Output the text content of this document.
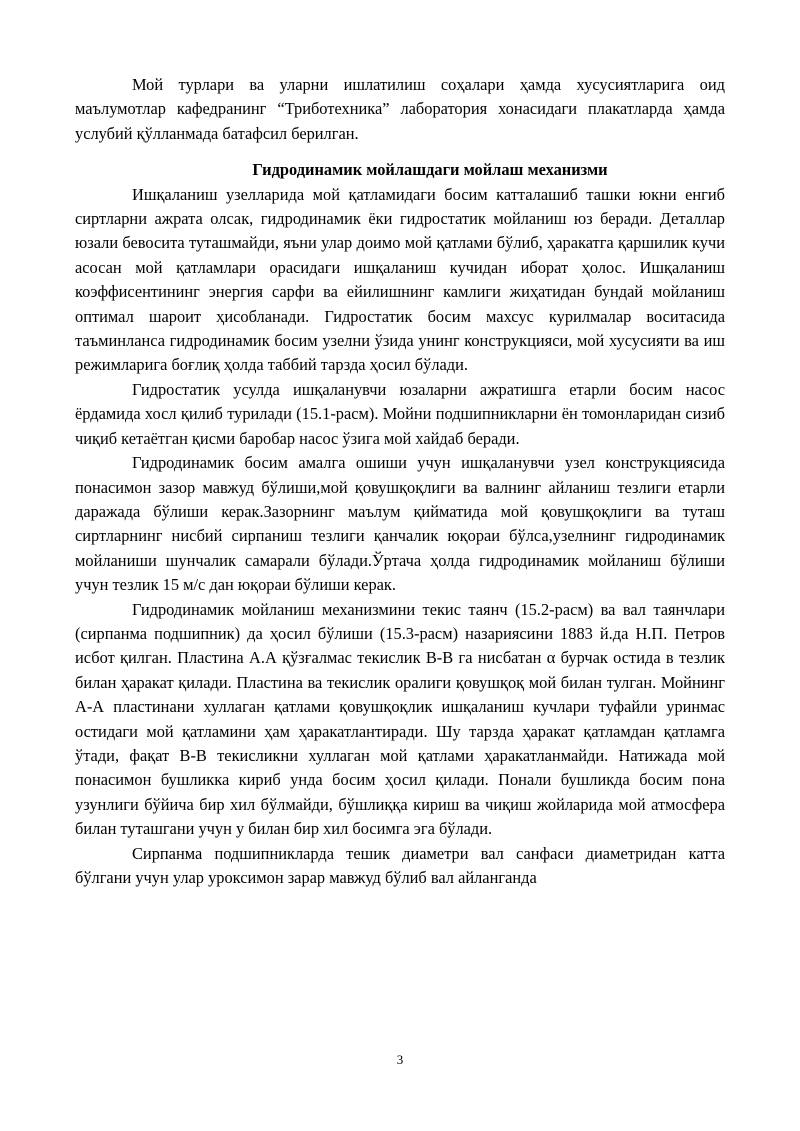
Мой турлари ва уларни ишлатилиш соҳалари ҳамда хусусиятларига оид маълумотлар кафедранинг “Триботехника” лаборатория хонасидаги плакатларда ҳамда услубий қўлланмада батафсил берилган.

Гидродинамик мойлашдаги мойлаш механизми

Ишқаланиш узелларида мой қатламидаги босим катталашиб ташки юкни енгиб сиртларни ажрата олсак, гидродинамик ёки гидростатик мойланиш юз беради. Деталлар юзали бевосита туташмайди, яъни улар доимо мой қатлами бўлиб, ҳаракатга қаршилик кучи асосан мой қатламлари орасидаги ишқаланиш кучидан иборат ҳолос. Ишқаланиш коэффисентининг энергия сарфи ва ейилишнинг камлиги жиҳатидан бундай мойланиш оптимал шароит ҳисобланади. Гидростатик босим махсус курилмалар воситасида таъминланса гидродинамик босим узелни ўзида унинг конструкцияси, мой хусусияти ва иш режимларига боғлиқ ҳолда таббий тарзда ҳосил бўлади.

Гидростатик усулда ишқаланувчи юзаларни ажратишга етарли босим насос ёрдамида хосл қилиб турилади (15.1-расм). Мойни подшипникларни ён томонларидан сизиб чиқиб кетаётган қисми баробар насос ўзига мой хайдаб беради.

Гидродинамик босим амалга ошиши учун ишқаланувчи узел конструкциясида понасимон зазор мавжуд бўлиши,мой қовушқоқлиги ва валнинг айланиш тезлиги етарли даражада бўлиши керак.Зазорнинг маълум қийматида мой қовушқоқлиги ва туташ сиртларнинг нисбий сирпаниш тезлиги қанчалик юқораи бўлса,узелнинг гидродинамик мойланиши шунчалик самарали бўлади.Ўртача ҳолда гидродинамик мойланиш бўлиши учун тезлик 15 м/с дан юқораи бўлиши керак.

Гидродинамик мойланиш механизмини текис таянч (15.2-расм) ва вал таянчлари (сирпанма подшипник) да ҳосил бўлиши (15.3-расм) назариясини 1883 й.да Н.П. Петров исбот қилган. Пластина А.А қўзғалмас текислик В-В га нисбатан α бурчак остида в тезлик билан ҳаракат қилади. Пластина ва текислик оралиги қовушқоқ мой билан тулган. Мойнинг А-А пластинани хуллаган қатлами қовушқоқлик ишқаланиш кучлари туфайли уринмас остидаги мой қатламини ҳам ҳаракатлантиради. Шу тарзда ҳаракат қатламдан қатламга ўтади, фақат В-В текисликни хуллаган мой қатлами ҳаракатланмайди. Натижада мой понасимон бушликка кириб унда босим ҳосил қилади. Понали бушликда босим пона узунлиги бўйича бир хил бўлмайди, бўшлиққа кириш ва чиқиш жойларида мой атмосфера билан туташгани учун у билан бир хил босимга эга бўлади.

Сирпанма подшипникларда тешик диаметри вал санфаси диаметридан катта бўлгани учун улар уроксимон зарар мавжуд бўлиб вал айланганда

3
